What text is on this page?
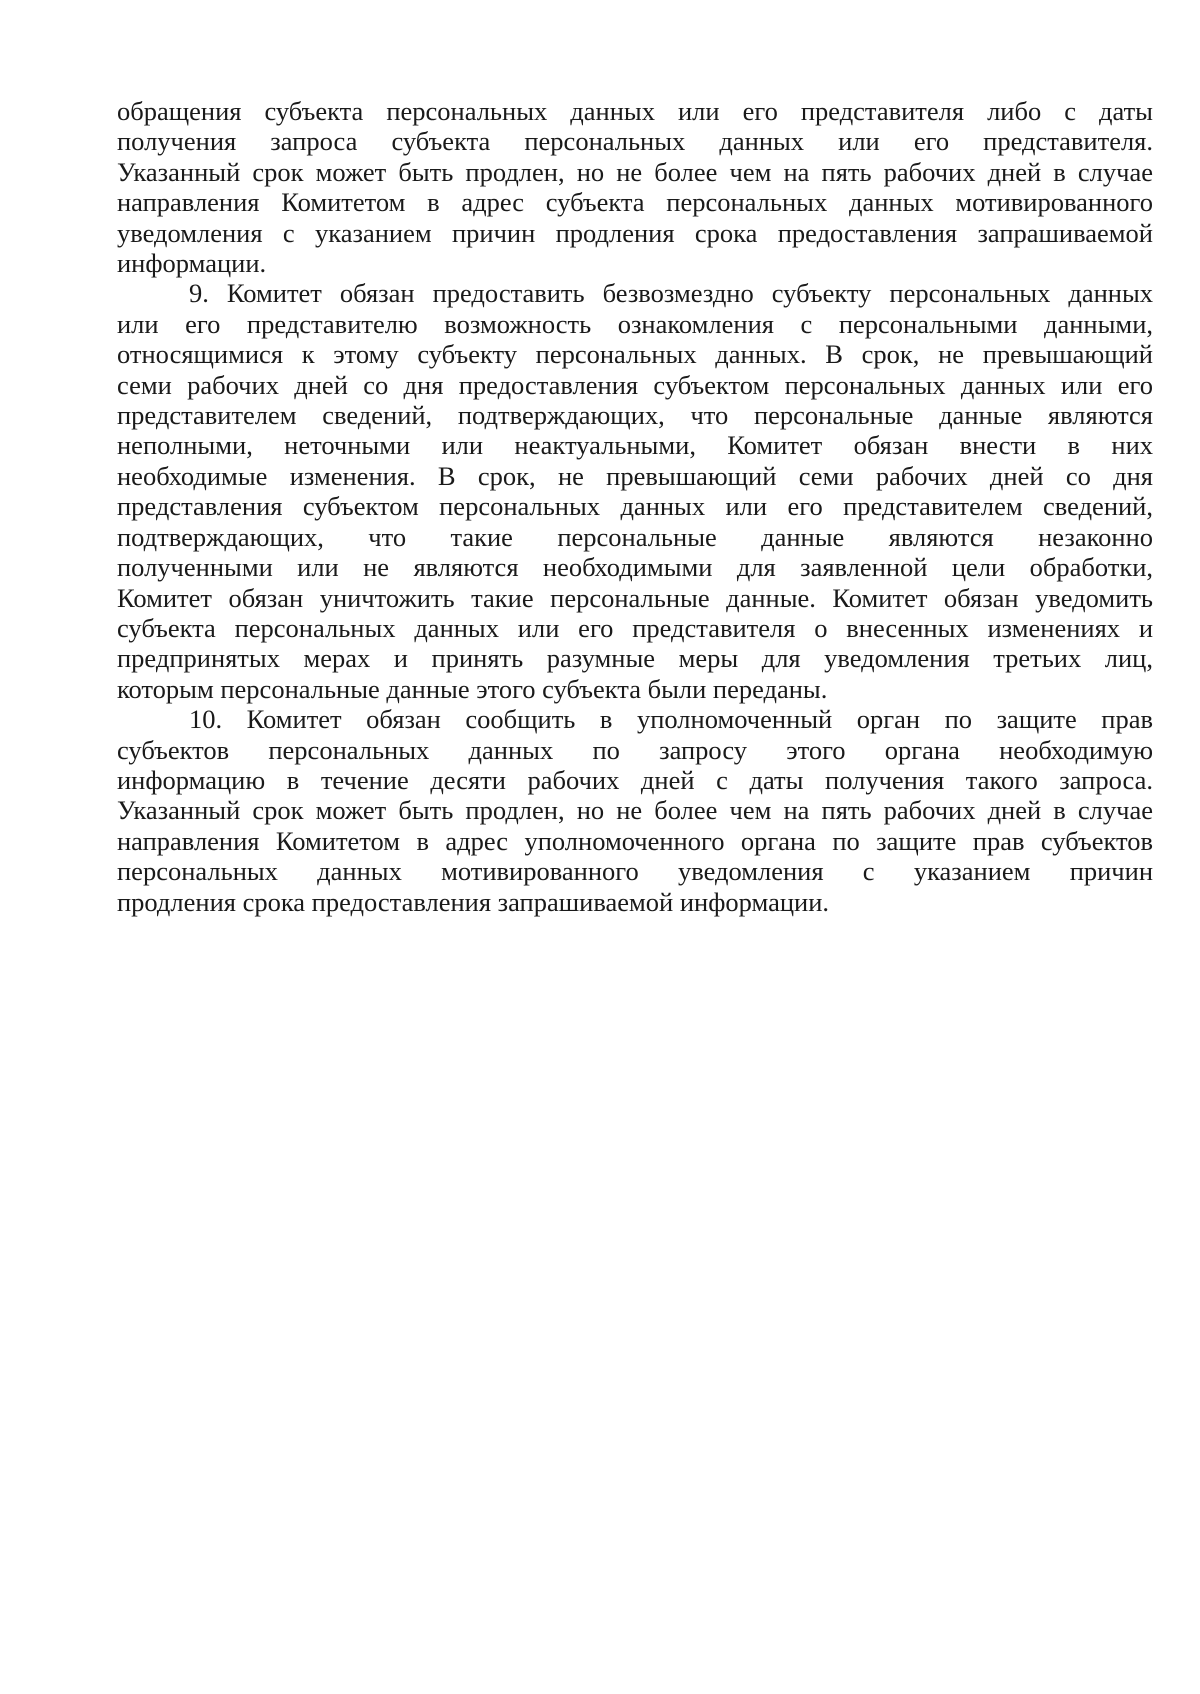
обращения субъекта персональных данных или его представителя либо с даты
получения запроса субъекта персональных данных или его представителя.
Указанный срок может быть продлен, но не более чем на пять рабочих дней в случае
направления Комитетом в адрес субъекта персональных данных мотивированного
уведомления с указанием причин продления срока предоставления запрашиваемой
информации.
9. Комитет обязан предоставить безвозмездно субъекту персональных данных
или его представителю возможность ознакомления с персональными данными,
относящимися к этому субъекту персональных данных. В срок, не превышающий
семи рабочих дней со дня предоставления субъектом персональных данных или его
представителем сведений, подтверждающих, что персональные данные являются
неполными, неточными или неактуальными, Комитет обязан внести в них
необходимые изменения. В срок, не превышающий семи рабочих дней со дня
представления субъектом персональных данных или его представителем сведений,
подтверждающих, что такие персональные данные являются незаконно
полученными или не являются необходимыми для заявленной цели обработки,
Комитет обязан уничтожить такие персональные данные. Комитет обязан уведомить
субъекта персональных данных или его представителя о внесенных изменениях и
предпринятых мерах и принять разумные меры для уведомления третьих лиц,
которым персональные данные этого субъекта были переданы.
10. Комитет обязан сообщить в уполномоченный орган по защите прав
субъектов персональных данных по запросу этого органа необходимую
информацию в течение десяти рабочих дней с даты получения такого запроса.
Указанный срок может быть продлен, но не более чем на пять рабочих дней в случае
направления Комитетом в адрес уполномоченного органа по защите прав субъектов
персональных данных мотивированного уведомления с указанием причин
продления срока предоставления запрашиваемой информации.
